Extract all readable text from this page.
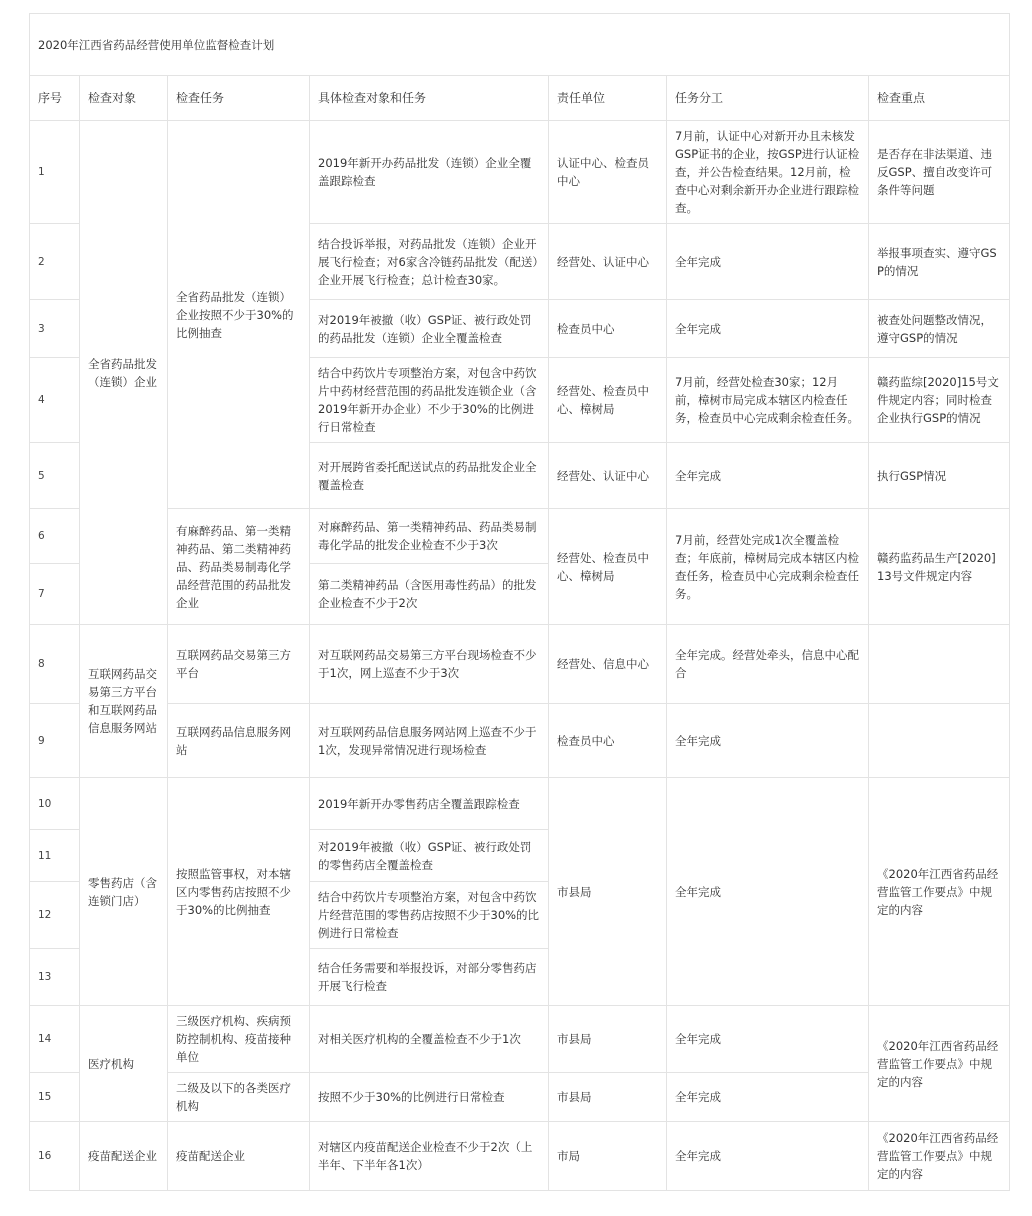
2020年江西省药品经营使用单位监督检查计划						
序号	检查对象	检查任务	具体检查对象和任务	责任单位	任务分工	检查重点
1	全省药品批发（连锁）企业	全省药品批发（连锁）企业按照不少于30%的比例抽查	2019年新开办药品批发（连锁）企业全覆盖跟踪检查	认证中心、检查员中心	7月前，认证中心对新开办且未核发GSP证书的企业，按GSP进行认证检查，并公告检查结果。12月前，检查中心对剩余新开办企业进行跟踪检查。	是否存在非法渠道、违反GSP、擅自改变许可条件等问题
2			结合投诉举报，对药品批发（连锁）企业开展飞行检查；对6家含冷链药品批发（配送）企业开展飞行检查；总计检查30家。	经营处、认证中心	全年完成	举报事项查实、遵守GSP的情况
3			对2019年被撤（收）GSP证、被行政处罚的药品批发（连锁）企业全覆盖检查	检查员中心	全年完成	被查处问题整改情况，遵守GSP的情况
4			结合中药饮片专项整治方案，对包含中药饮片中药材经营范围的药品批发连锁企业（含2019年新开办企业）不少于30%的比例进行日常检查	经营处、检查员中心、樟树局	7月前，经营处检查30家；12月前，樟树市局完成本辖区内检查任务，检查员中心完成剩余检查任务。	赣药监综[2020]15号文件规定内容；同时检查企业执行GSP的情况
5			对开展跨省委托配送试点的药品批发企业全覆盖检查	经营处、认证中心	全年完成	执行GSP情况
6		有麻醉药品、第一类精神药品、第二类精神药品、药品类易制毒化学品经营范围的药品批发企业	对麻醉药品、第一类精神药品、药品类易制毒化学品的批发企业检查不少于3次	经营处、检查员中心、樟树局	7月前，经营处完成1次全覆盖检查；年底前，樟树局完成本辖区内检查任务，检查员中心完成剩余检查任务。	赣药监药品生产[2020]13号文件规定内容
7			第二类精神药品（含医用毒性药品）的批发企业检查不少于2次			
8	互联网药品交易第三方平台和互联网药品信息服务网站	互联网药品交易第三方平台	对互联网药品交易第三方平台现场检查不少于1次，网上巡查不少于3次	经营处、信息中心	全年完成。经营处牵头，信息中心配合	
9		互联网药品信息服务网站	对互联网药品信息服务网站网上巡查不少于1次，发现异常情况进行现场检查	检查员中心	全年完成	
10	零售药店（含连锁门店）	按照监管事权，对本辖区内零售药店按照不少于30%的比例抽查	2019年新开办零售药店全覆盖跟踪检查	市县局	全年完成	《2020年江西省药品经营监管工作要点》中规定的内容
11			对2019年被撤（收）GSP证、被行政处罚的零售药店全覆盖检查			
12			结合中药饮片专项整治方案，对包含中药饮片经营范围的零售药店按照不少于30%的比例进行日常检查			
13			结合任务需要和举报投诉，对部分零售药店开展飞行检查			
14	医疗机构	三级医疗机构、疾病预防控制机构、疫苗接种单位	对相关医疗机构的全覆盖检查不少于1次	市县局	全年完成	《2020年江西省药品经营监管工作要点》中规定的内容
15		二级及以下的各类医疗机构	按照不少于30%的比例进行日常检查	市县局	全年完成	
16	疫苗配送企业	疫苗配送企业	对辖区内疫苗配送企业检查不少于2次（上半年、下半年各1次）	市局	全年完成	《2020年江西省药品经营监管工作要点》中规定的内容
